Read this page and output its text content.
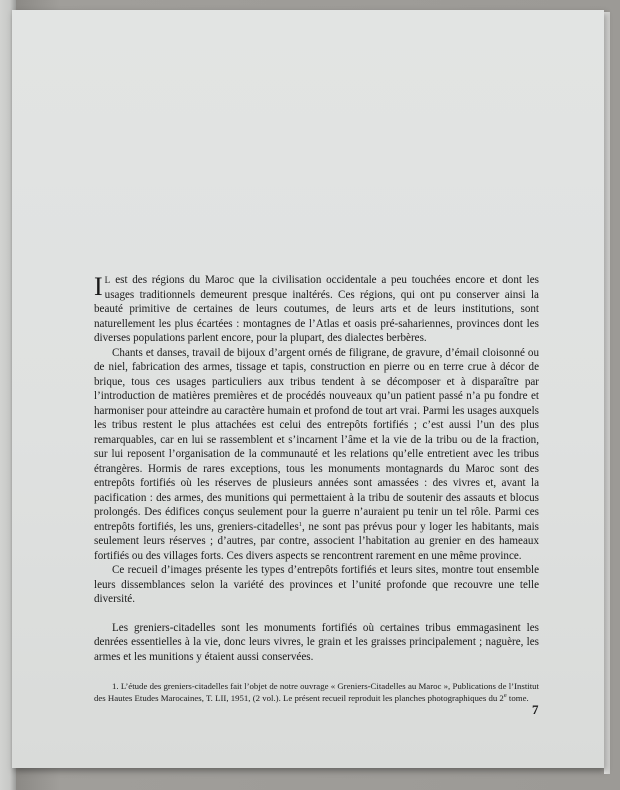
I L est des régions du Maroc que la civilisation occidentale a peu touchées encore et dont les usages traditionnels demeurent presque inaltérés. Ces régions, qui ont pu conserver ainsi la beauté primitive de certaines de leurs coutumes, de leurs arts et de leurs institutions, sont naturellement les plus écartées : montagnes de l’Atlas et oasis pré-sahariennes, provinces dont les diverses populations parlent encore, pour la plupart, des dialectes berbères.

Chants et danses, travail de bijoux d’argent ornés de filigrane, de gravure, d’émail cloisonné ou de niel, fabrication des armes, tissage et tapis, construction en pierre ou en terre crue à décor de brique, tous ces usages particuliers aux tribus tendent à se décomposer et à disparaître par l’introduction de matières premières et de procédés nouveaux qu’un patient passé n’a pu fondre et harmoniser pour atteindre au caractère humain et profond de tout art vrai. Parmi les usages auxquels les tribus restent le plus attachées est celui des entrepôts fortifiés ; c’est aussi l’un des plus remarquables, car en lui se rassemblent et s’incarnent l’âme et la vie de la tribu ou de la fraction, sur lui reposent l’organisation de la communauté et les relations qu’elle entretient avec les tribus étrangères. Hormis de rares exceptions, tous les monuments montagnards du Maroc sont des entrepôts fortifiés où les réserves de plusieurs années sont amassées : des vivres et, avant la pacification : des armes, des munitions qui permettaient à la tribu de soutenir des assauts et blocus prolongés. Des édifices conçus seulement pour la guerre n’auraient pu tenir un tel rôle. Parmi ces entrepôts fortifiés, les uns, greniers-citadelles$^1$, ne sont pas prévus pour y loger les habitants, mais seulement leurs réserves ; d’autres, par contre, associent l’habitation au grenier en des hameaux fortifiés ou des villages forts. Ces divers aspects se rencontrent rarement en une même province.

Ce recueil d’images présente les types d’entrepôts fortifiés et leurs sites, montre tout ensemble leurs dissemblances selon la variété des provinces et l’unité profonde que recouvre une telle diversité.

Les greniers-citadelles sont les monuments fortifiés où certaines tribus emmagasinent les denrées essentielles à la vie, donc leurs vivres, le grain et les graisses principalement ; naguère, les armes et les munitions y étaient aussi conservées.

1. L’étude des greniers-citadelles fait l’objet de notre ouvrage « Greniers-Citadelles au Maroc », Publications de l’Institut des Hautes Etudes Marocaines, T. LII, 1951, (2 vol.). Le présent recueil reproduit les planches photographiques du 2e tome.

7
